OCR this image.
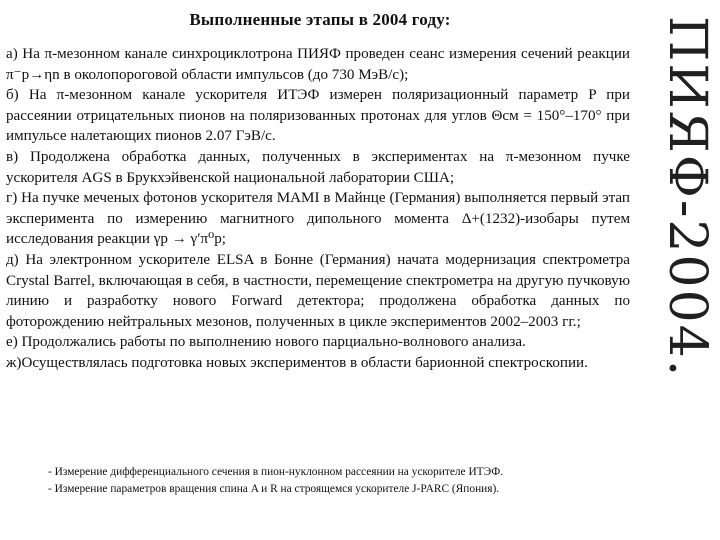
Выполненные этапы в 2004 году:

а) На π-мезонном канале синхроциклотрона ПИЯФ проведен сеанс измерения сечений реакции π⁻p→ηn в околопороговой области импульсов (до 730 МэВ/с);

б) На π-мезонном канале ускорителя ИТЭФ измерен поляризационный параметр P при рассеянии отрицательных пионов на поляризованных протонах для углов Θсм = 150°–170° при импульсе налетающих пионов 2.07 ГэВ/с.

в) Продолжена обработка данных, полученных в экспериментах на π-мезонном пучке ускорителя AGS в Брукхэйвенской национальной лаборатории США;

г) На пучке меченых фотонов ускорителя MAMI в Майнце (Германия) выполняется первый этап эксперимента по измерению магнитного дипольного момента Δ+(1232)-изобары путем исследования реакции γp → γ′π⁰p;

д) На электронном ускорителе ELSA в Бонне (Германия) начата модернизация спектрометра Crystal Barrel, включающая в себя, в частности, перемещение спектрометра на другую пучковую линию и разработку нового Forward детектора; продолжена обработка данных по фоторождению нейтральных мезонов, полученных в цикле экспериментов 2002–2003 гг.;

е) Продолжались работы по выполнению нового парциально-волнового анализа.

ж)Осуществлялась подготовка новых экспериментов в области барионной спектроскопии.

- Измерение дифференциального сечения в пион-нуклонном рассеянии на ускорителе ИТЭФ.

- Измерение параметров вращения спина A и R на строящемся ускорителе J-PARC (Япония).

ПИЯФ-2004.
